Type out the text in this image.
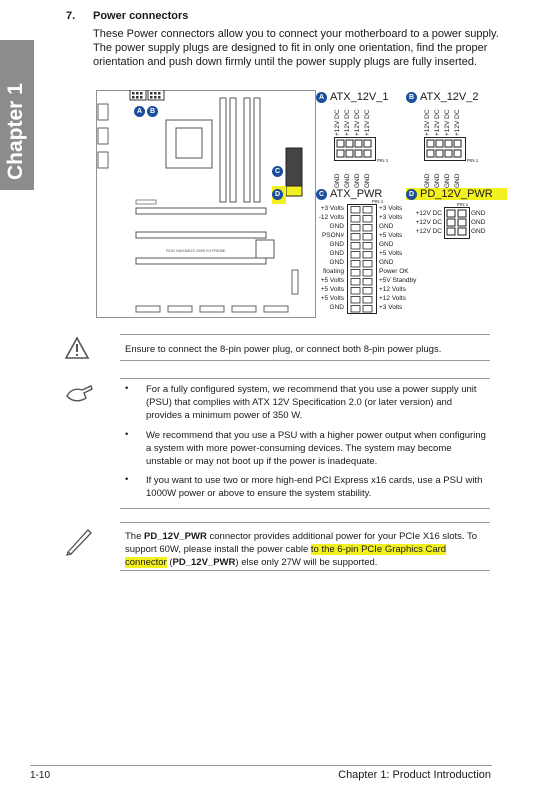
Chapter 1
7. Power connectors
These Power connectors allow you to connect your motherboard to a power supply. The power supply plugs are designed to fit in only one orientation, find the proper orientation and push down firmly until the power supply plugs are fully inserted.
ROG MAXIMUS Z690 EXTREME
A	B
C
D
A ATX_12V_1
+12V DC +12V DC +12V DC +12V DC
PIN 1
GND GND GND GND
B ATX_12V_2
+12V DC +12V DC +12V DC +12V DC
PIN 1
GND GND GND GND
C ATX_PWR
PIN 1
+3 Volts
-12 Volts
GND
PSON#
GND
GND
GND
floating
+5 Volts
+5 Volts
+5 Volts
GND
+3 Volts
+3 Volts
GND
+5 Volts
GND
+5 Volts
GND
Power OK
+5V Standby
+12 Volts
+12 Volts
+3 Volts
D PD_12V_PWR
PIN 1
+12V DC
+12V DC
+12V DC
GND
GND
GND
Ensure to connect the 8-pin power plug, or connect both 8-pin power plugs.
• For a fully configured system, we recommend that you use a power supply unit (PSU) that complies with ATX 12V Specification 2.0 (or later version) and provides a minimum power of 350 W.
• We recommend that you use a PSU with a higher power output when configuring a system with more power-consuming devices. The system may become unstable or may not boot up if the power is inadequate.
• If you want to use two or more high-end PCI Express x16 cards, use a PSU with 1000W power or above to ensure the system stability.
The PD_12V_PWR connector provides additional power for your PCIe X16 slots. To support 60W, please install the power cable to the 6-pin PCIe Graphics Card connector (PD_12V_PWR) else only 27W will be supported.
1-10	Chapter 1: Product Introduction
